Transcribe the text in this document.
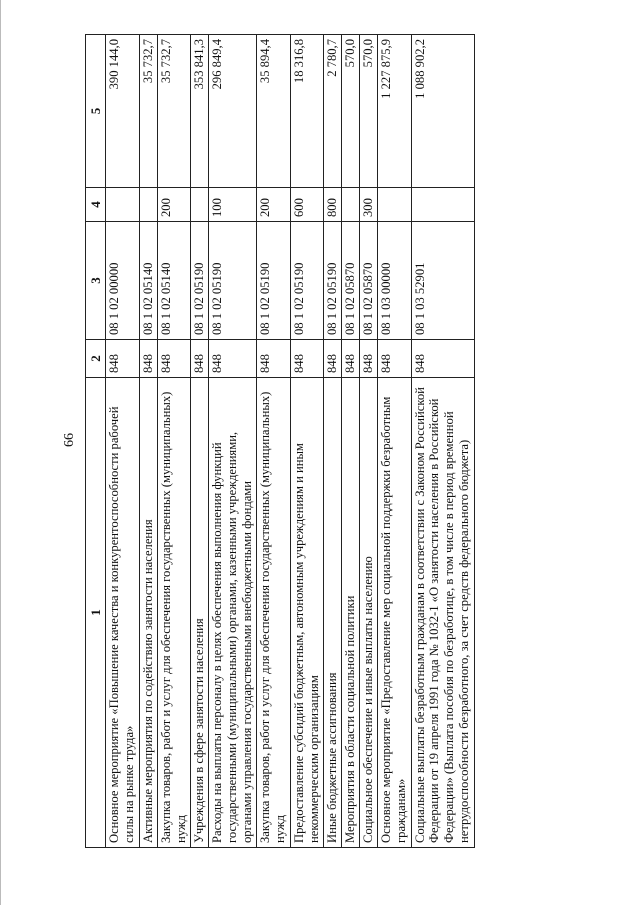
66
1	2	3	4	5
Основное мероприятие «Повышение качества и конкурентоспособности рабочей силы на рынке труда»	848	08 1 02 00000		390 144,0
Активные мероприятия по содействию занятости населения	848	08 1 02 05140		35 732,7
Закупка товаров, работ и услуг для обеспечения государственных (муниципальных) нужд	848	08 1 02 05140	200	35 732,7
Учреждения в сфере занятости населения	848	08 1 02 05190		353 841,3
Расходы на выплаты персоналу в целях обеспечения выполнения функций государственными (муниципальными) органами, казенными учреждениями, органами управления государственными внебюджетными фондами	848	08 1 02 05190	100	296 849,4
Закупка товаров, работ и услуг для обеспечения государственных (муниципальных) нужд	848	08 1 02 05190	200	35 894,4
Предоставление субсидий бюджетным, автономным учреждениям и иным некоммерческим организациям	848	08 1 02 05190	600	18 316,8
Иные бюджетные ассигнования	848	08 1 02 05190	800	2 780,7
Мероприятия в области социальной политики	848	08 1 02 05870		570,0
Социальное обеспечение и иные выплаты населению	848	08 1 02 05870	300	570,0
Основное мероприятие «Предоставление мер социальной поддержки безработным гражданам»	848	08 1 03 00000		1 227 875,9
Социальные выплаты безработным гражданам в соответствии с Законом Российской Федерации от 19 апреля 1991 года № 1032-1 «О занятости населения в Российской Федерации» (Выплата пособия по безработице, в том числе в период временной нетрудоспособности безработного, за счет средств федерального бюджета)	848	08 1 03 52901		1 088 902,2
